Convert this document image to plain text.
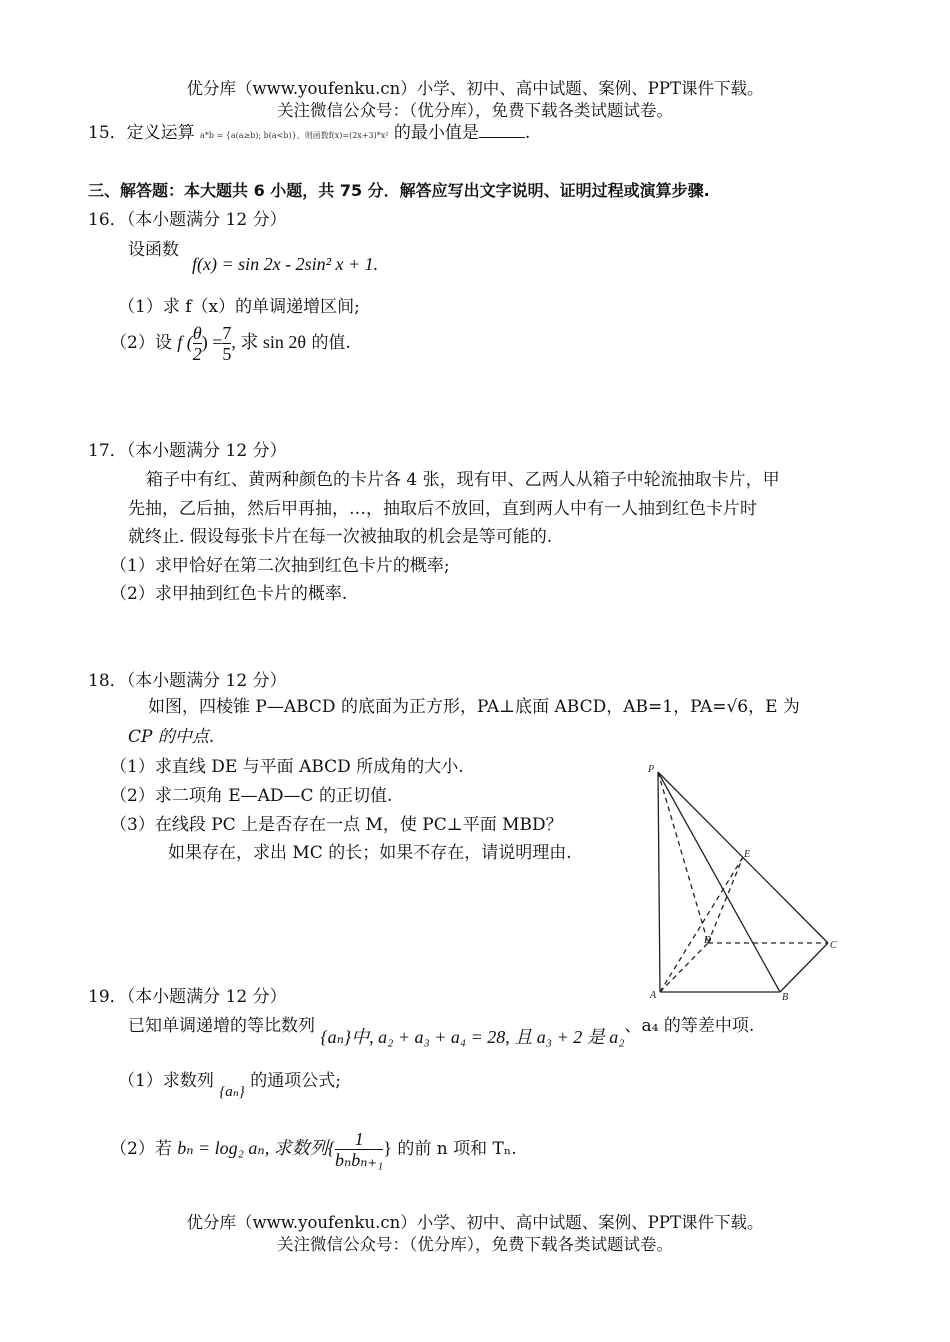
优分库（www.youfenku.cn）小学、初中、高中试题、案例、PPT课件下载。
关注微信公众号：（优分库），免费下载各类试题试卷。
15．定义运算 a*b = {a(a≥b); b(a<b)}，则函数f(x)=(2x+3)*x² 的最小值是	.
三、解答题：本大题共 6 小题，共 75 分．解答应写出文字说明、证明过程或演算步骤.
16．（本小题满分 12 分）
设函数
f(x) = sin 2x - 2sin² x + 1.
（1）求 f（x）的单调递增区间;
（2）设 f ( $\frac{\theta}{2}$ ) = $\frac{7}{5}$ , 求 sin 2θ 的值.
17．（本小题满分 12 分）
箱子中有红、黄两种颜色的卡片各 4 张，现有甲、乙两人从箱子中轮流抽取卡片，甲
先抽，乙后抽，然后甲再抽，…，抽取后不放回，直到两人中有一人抽到红色卡片时
就终止. 假设每张卡片在每一次被抽取的机会是等可能的.
（1）求甲恰好在第二次抽到红色卡片的概率;
（2）求甲抽到红色卡片的概率.
18．（本小题满分 12 分）
如图，四棱锥 P—ABCD 的底面为正方形，PA⊥底面 ABCD，AB=1，PA=√6，E 为
CP 的中点.
（1）求直线 DE 与平面 ABCD 所成角的大小.
（2）求二项角 E—AD—C 的正切值.
（3）在线段 PC 上是否存在一点 M，使 PC⊥平面 MBD？
如果存在，求出 MC 的长；如果不存在，请说明理由.
P
E
D	C
A	B
19．（本小题满分 12 分）
已知单调递增的等比数列 {aₙ}中, a₂ + a₃ + a₄ = 28, 且 a₃ + 2 是 a₂、a₄ 的等差中项.
（1）求数列 {aₙ} 的通项公式;
（2）若 bₙ = log₂ aₙ, 求数列{ $\frac{1}{\text{bₙbₙ₊₁}}$ } 的前 n 项和 Tₙ.
优分库（www.youfenku.cn）小学、初中、高中试题、案例、PPT课件下载。
关注微信公众号：（优分库），免费下载各类试题试卷。
